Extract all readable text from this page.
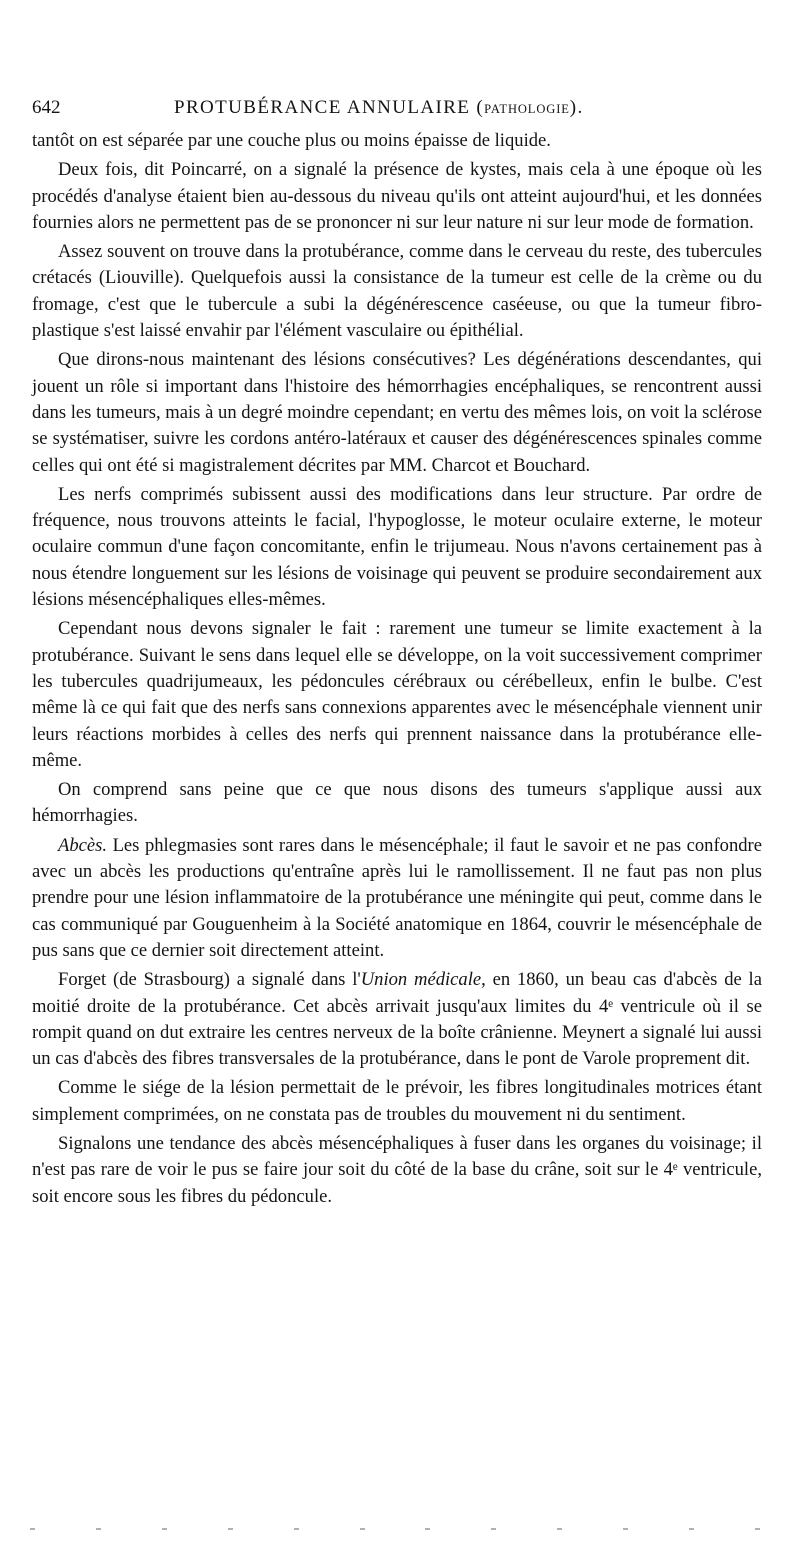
642	PROTUBÉRANCE ANNULAIRE (PATHOLOGIE).

tantôt on est séparée par une couche plus ou moins épaisse de liquide.

Deux fois, dit Poincarré, on a signalé la présence de kystes, mais cela à une époque où les procédés d'analyse étaient bien au-dessous du niveau qu'ils ont atteint aujourd'hui, et les données fournies alors ne permettent pas de se prononcer ni sur leur nature ni sur leur mode de formation.

Assez souvent on trouve dans la protubérance, comme dans le cerveau du reste, des tubercules crétacés (Liouville). Quelquefois aussi la consistance de la tumeur est celle de la crème ou du fromage, c'est que le tubercule a subi la dégénérescence caséeuse, ou que la tumeur fibro-plastique s'est laissé envahir par l'élément vasculaire ou épithélial.

Que dirons-nous maintenant des lésions consécutives? Les dégénérations descendantes, qui jouent un rôle si important dans l'histoire des hémorrhagies encéphaliques, se rencontrent aussi dans les tumeurs, mais à un degré moindre cependant; en vertu des mêmes lois, on voit la sclérose se systématiser, suivre les cordons antéro-latéraux et causer des dégénérescences spinales comme celles qui ont été si magistralement décrites par MM. Charcot et Bouchard.

Les nerfs comprimés subissent aussi des modifications dans leur structure. Par ordre de fréquence, nous trouvons atteints le facial, l'hypoglosse, le moteur oculaire externe, le moteur oculaire commun d'une façon concomitante, enfin le trijumeau. Nous n'avons certainement pas à nous étendre longuement sur les lésions de voisinage qui peuvent se produire secondairement aux lésions mésencéphaliques elles-mêmes.

Cependant nous devons signaler le fait : rarement une tumeur se limite exactement à la protubérance. Suivant le sens dans lequel elle se développe, on la voit successivement comprimer les tubercules quadrijumeaux, les pédoncules cérébraux ou cérébelleux, enfin le bulbe. C'est même là ce qui fait que des nerfs sans connexions apparentes avec le mésencéphale viennent unir leurs réactions morbides à celles des nerfs qui prennent naissance dans la protubérance elle-même.

On comprend sans peine que ce que nous disons des tumeurs s'applique aussi aux hémorrhagies.

Abcès. Les phlegmasies sont rares dans le mésencéphale; il faut le savoir et ne pas confondre avec un abcès les productions qu'entraîne après lui le ramollissement. Il ne faut pas non plus prendre pour une lésion inflammatoire de la protubérance une méningite qui peut, comme dans le cas communiqué par Gouguenheim à la Société anatomique en 1864, couvrir le mésencéphale de pus sans que ce dernier soit directement atteint.

Forget (de Strasbourg) a signalé dans l'Union médicale, en 1860, un beau cas d'abcès de la moitié droite de la protubérance. Cet abcès arrivait jusqu'aux limites du 4ᵉ ventricule où il se rompit quand on dut extraire les centres nerveux de la boîte crânienne. Meynert a signalé lui aussi un cas d'abcès des fibres transversales de la protubérance, dans le pont de Varole proprement dit.

Comme le siége de la lésion permettait de le prévoir, les fibres longitudinales motrices étant simplement comprimées, on ne constata pas de troubles du mouvement ni du sentiment.

Signalons une tendance des abcès mésencéphaliques à fuser dans les organes du voisinage; il n'est pas rare de voir le pus se faire jour soit du côté de la base du crâne, soit sur le 4ᵉ ventricule, soit encore sous les fibres du pédoncule.
